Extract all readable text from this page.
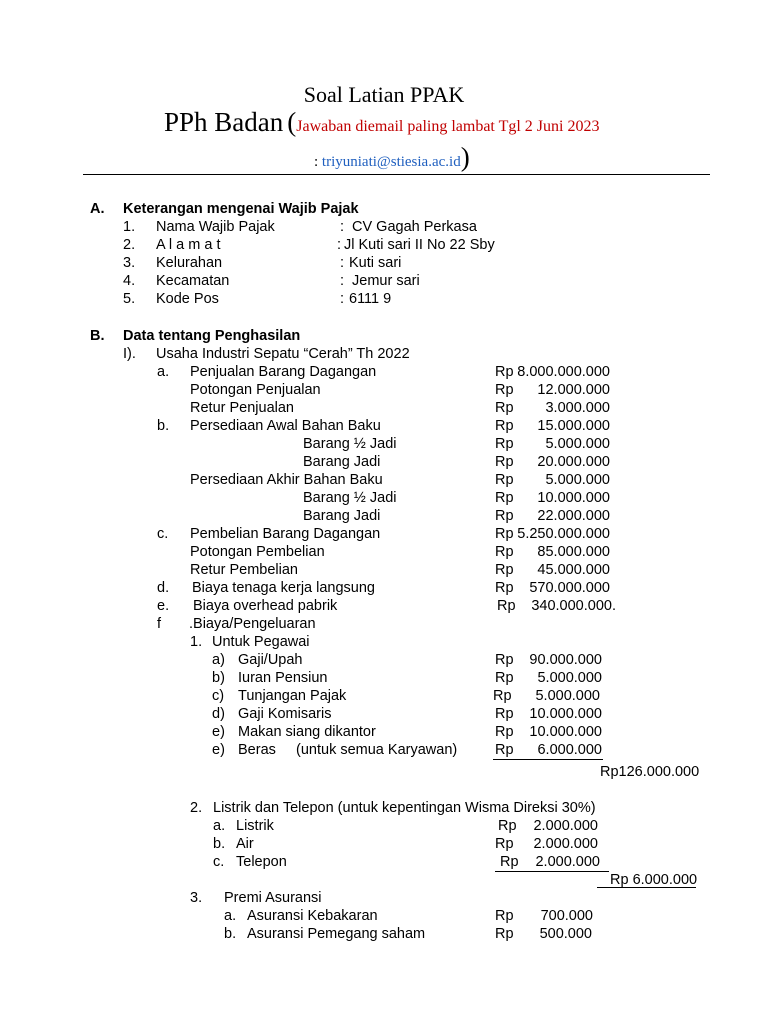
Soal Latian PPAK
PPh Badan (Jawaban diemail paling lambat Tgl 2 Juni 2023
: triyuniati@stiesia.ac.id)
A. Keterangan mengenai Wajib Pajak
1. Nama Wajib Pajak	: CV Gagah Perkasa
2. A l a m a t	: Jl Kuti sari II No 22 Sby
3. Kelurahan	: Kuti sari
4. Kecamatan	: Jemur sari
5. Kode Pos	: 6111 9
B. Data tentang Penghasilan
I). Usaha Industri Sepatu “Cerah” Th 2022
a. Penjualan Barang Dagangan	Rp 8.000.000.000
Potongan Penjualan	Rp	12.000.000
Retur Penjualan	Rp	3.000.000
b. Persediaan Awal Bahan Baku	Rp	15.000.000
Barang ½ Jadi	Rp	5.000.000
Barang Jadi	Rp	20.000.000
Persediaan Akhir Bahan Baku	Rp	5.000.000
Barang ½ Jadi	Rp	10.000.000
Barang Jadi	Rp	22.000.000
c. Pembelian Barang Dagangan	Rp 5.250.000.000
Potongan Pembelian	Rp	85.000.000
Retur Pembelian	Rp	45.000.000
d. Biaya tenaga kerja langsung	Rp	570.000.000
e. Biaya overhead pabrik	Rp	340.000.000.
f .Biaya/Pengeluaran
1. Untuk Pegawai
a) Gaji/Upah	Rp	90.000.000
b) Iuran Pensiun	Rp	5.000.000
c) Tunjangan Pajak	Rp	5.000.000
d) Gaji Komisaris	Rp	10.000.000
e) Makan siang dikantor	Rp	10.000.000
e) Beras     (untuk semua Karyawan)	Rp	6.000.000
Rp126.000.000
2. Listrik dan Telepon (untuk kepentingan Wisma Direksi 30%)
a. Listrik	Rp	2.000.000
b. Air	Rp	2.000.000
c. Telepon	Rp	2.000.000
Rp 6.000.000
3. Premi Asuransi
a. Asuransi Kebakaran	Rp	700.000
b. Asuransi Pemegang saham	Rp	500.000
